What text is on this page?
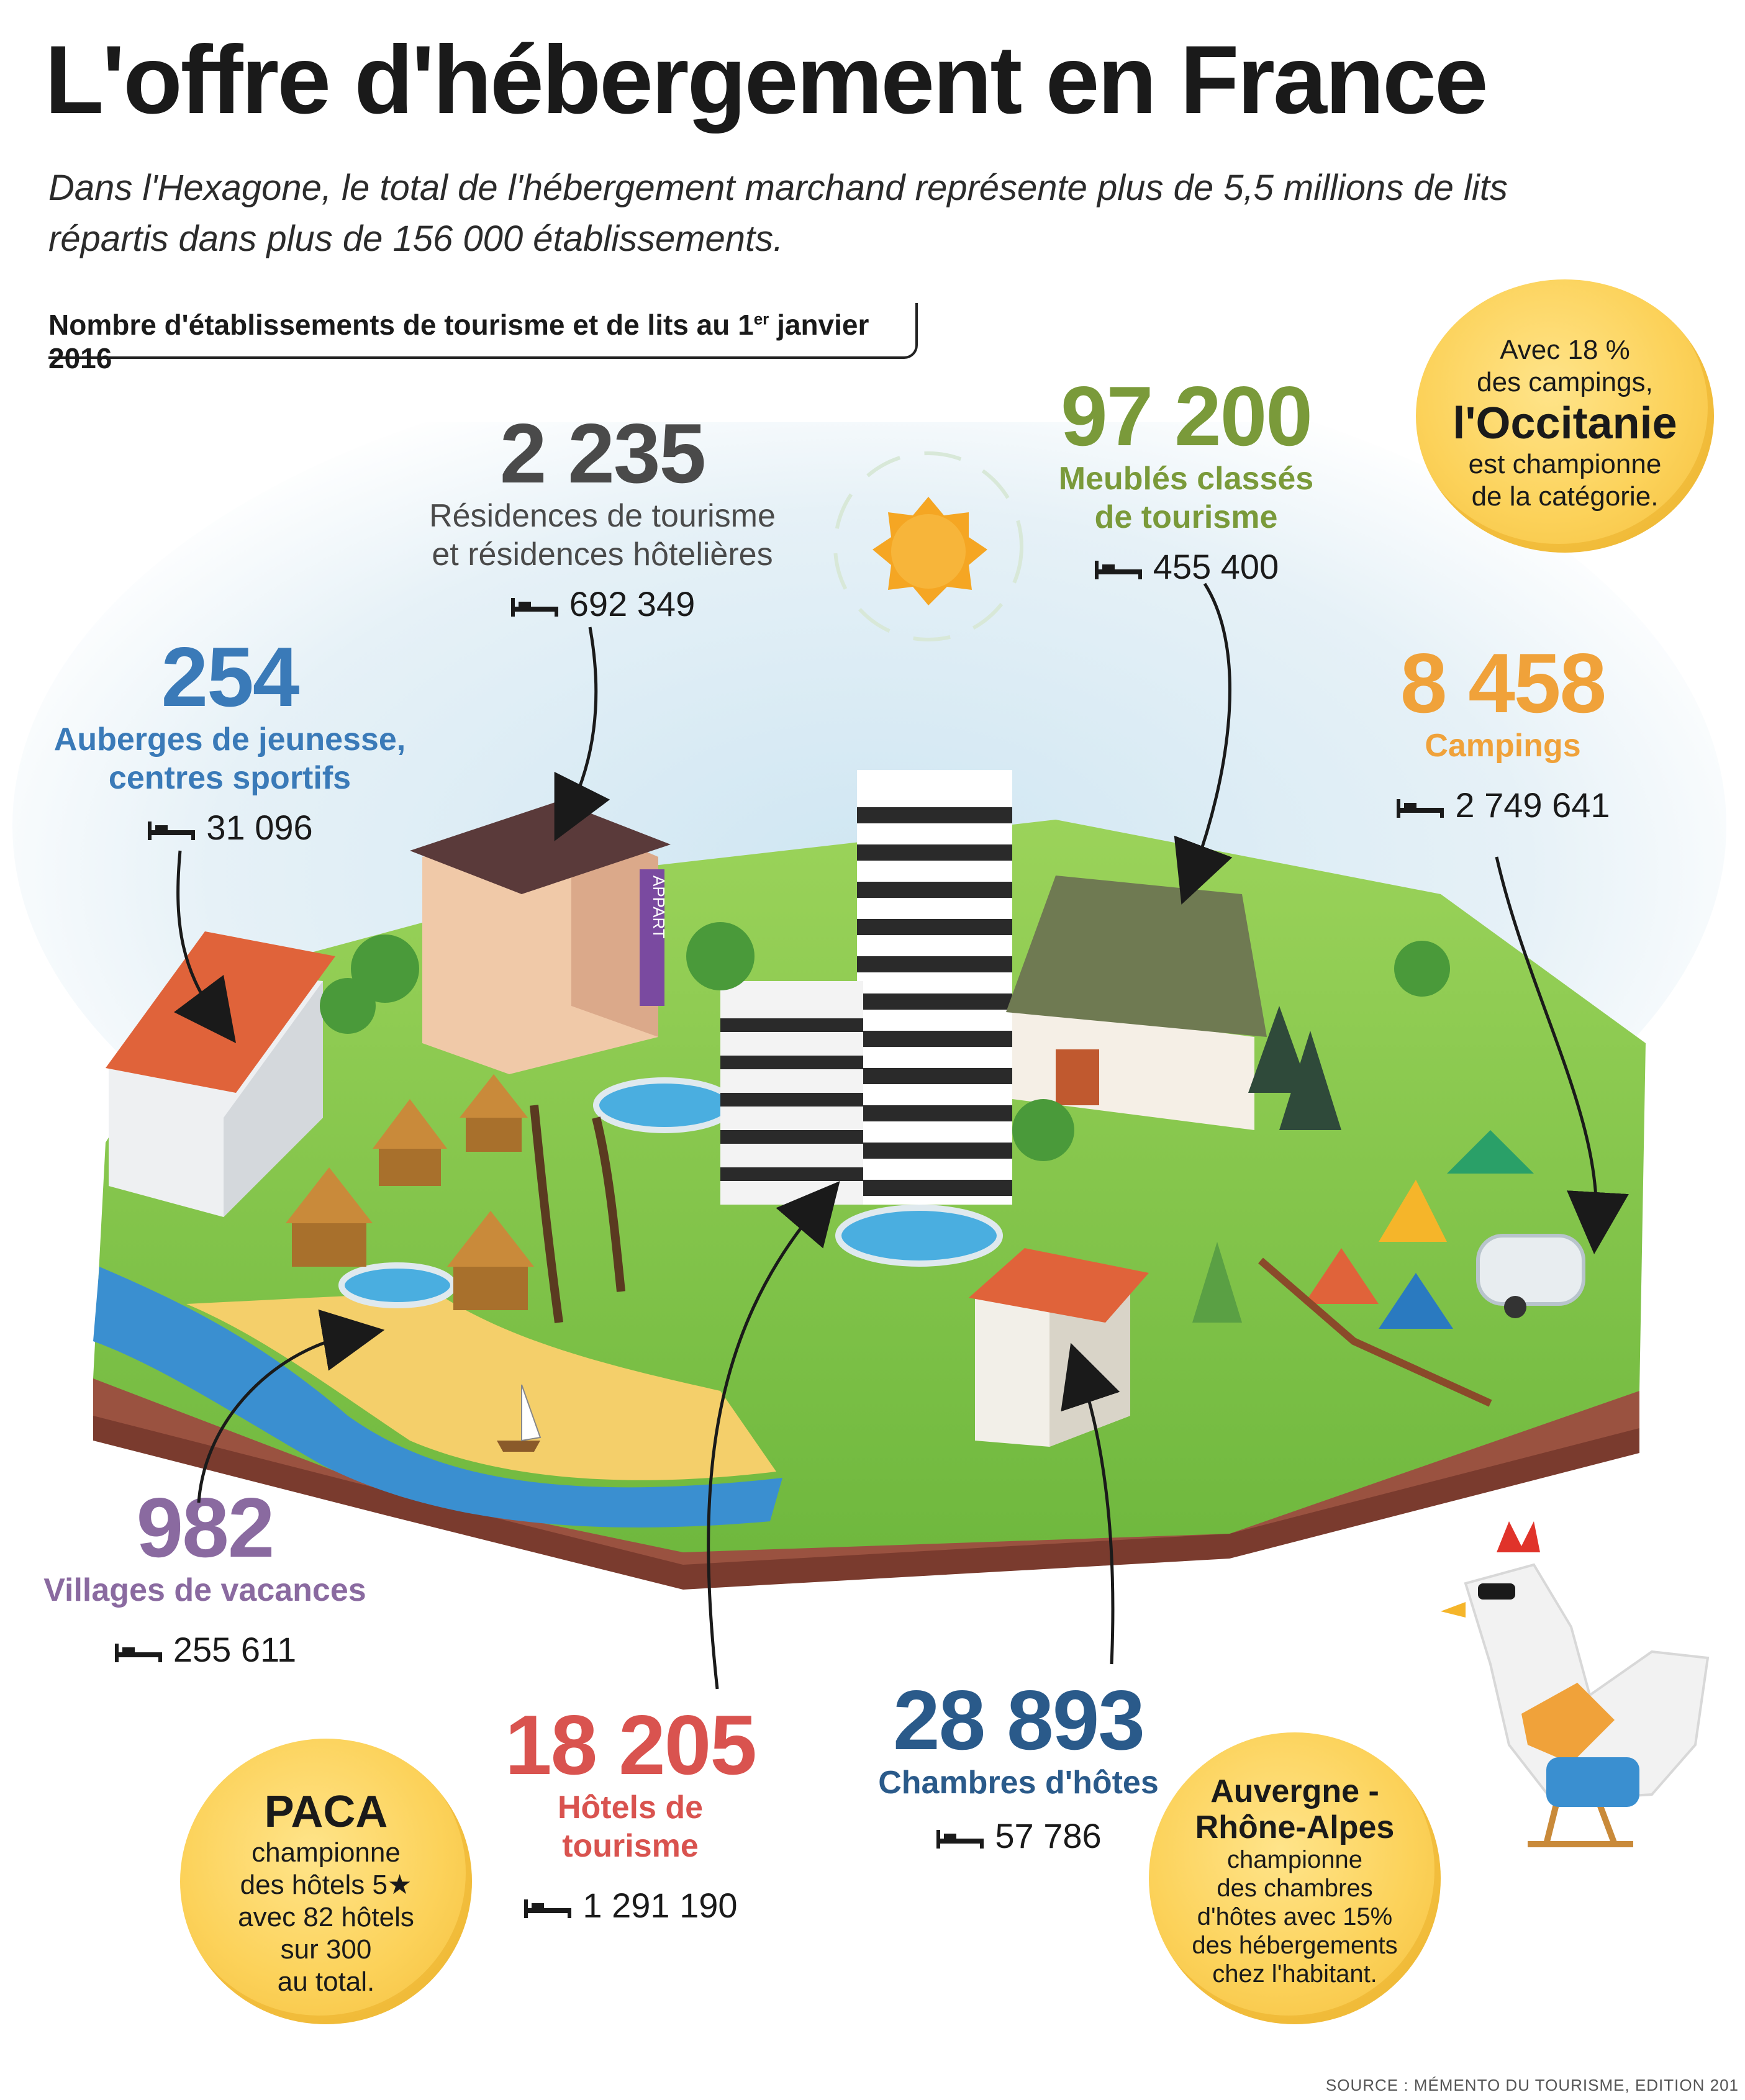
L'offre d'hébergement en France
Dans l'Hexagone, le total de l'hébergement marchand représente plus de 5,5 millions de lits
répartis dans plus de 156 000 établissements.
Nombre d'établissements de tourisme et de lits au 1er janvier 2016
APPART
2 235
Résidences de tourisme
et résidences hôtelières
692 349
97 200
Meublés classés
de tourisme
455 400
254
Auberges de jeunesse,
centres sportifs
31 096
8 458
Campings
2 749 641
982
Villages de vacances
255 611
18 205
Hôtels de tourisme
1 291 190
28 893
Chambres d'hôtes
57 786
Avec 18 %
des campings,
l'Occitanie
est championne
de la catégorie.
PACA
championne
des hôtels 5★
avec 82 hôtels
sur 300
au total.
Auvergne -
Rhône-Alpes
championne
des chambres
d'hôtes avec 15%
des hébergements
chez l'habitant.
SOURCE : MÉMENTO DU TOURISME, EDITION 201
